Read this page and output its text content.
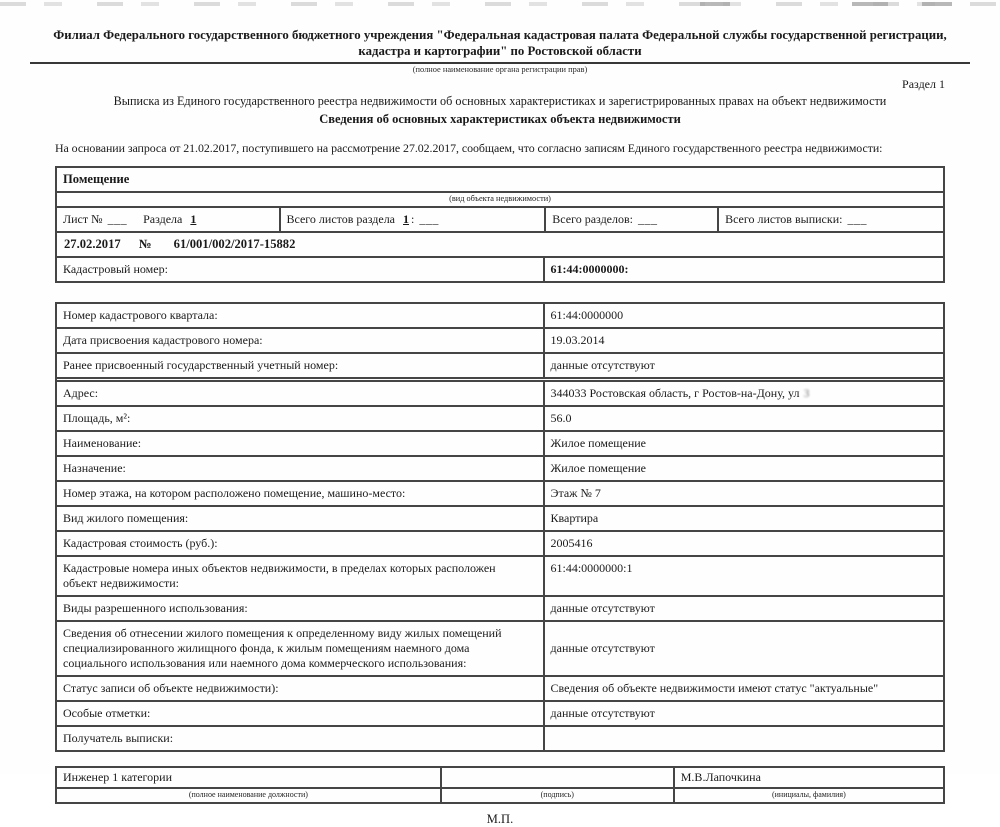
Филиал Федерального государственного бюджетного учреждения "Федеральная кадастровая палата Федеральной службы государственной регистрации, кадастра и картографии" по Ростовской области
(полное наименование органа регистрации прав)
Раздел 1
Выписка из Единого государственного реестра недвижимости об основных характеристиках и зарегистрированных правах на объект недвижимости
Сведения об основных характеристиках объекта недвижимости
На основании запроса от 21.02.2017, поступившего на рассмотрение 27.02.2017, сообщаем, что согласно записям Единого государственного реестра недвижимости:
Помещение
(вид объекта недвижимости)
Лист № ___ Раздела 1	Всего листов раздела 1 : ___	Всего разделов: ___	Всего листов выписки: ___
27.02.2017 № 61/001/002/2017-15882
Кадастровый номер:	61:44:0000000:
Номер кадастрового квартала:	61:44:0000000
Дата присвоения кадастрового номера:	19.03.2014
Ранее присвоенный государственный учетный номер:	данные отсутствуют
Адрес:	344033 Ростовская область, г Ростов-на-Дону, ул З
Площадь, м²:	56.0
Наименование:	Жилое помещение
Назначение:	Жилое помещение
Номер этажа, на котором расположено помещение, машино-место:	Этаж № 7
Вид жилого помещения:	Квартира
Кадастровая стоимость (руб.):	2005416
Кадастровые номера иных объектов недвижимости, в пределах которых расположен объект недвижимости:
61:44:0000000:1
Виды разрешенного использования:	данные отсутствуют
Сведения об отнесении жилого помещения к определенному виду жилых помещений специализированного жилищного фонда, к жилым помещениям наемного дома социального использования или наемного дома коммерческого использования:
данные отсутствуют
Статус записи об объекте недвижимости):	Сведения об объекте недвижимости имеют статус "актуальные"
Особые отметки:	данные отсутствуют
Получатель выписки:
Инженер 1 категории	М.В.Лапочкина
(полное наименование должности)	(подпись)	(инициалы, фамилия)
М.П.
